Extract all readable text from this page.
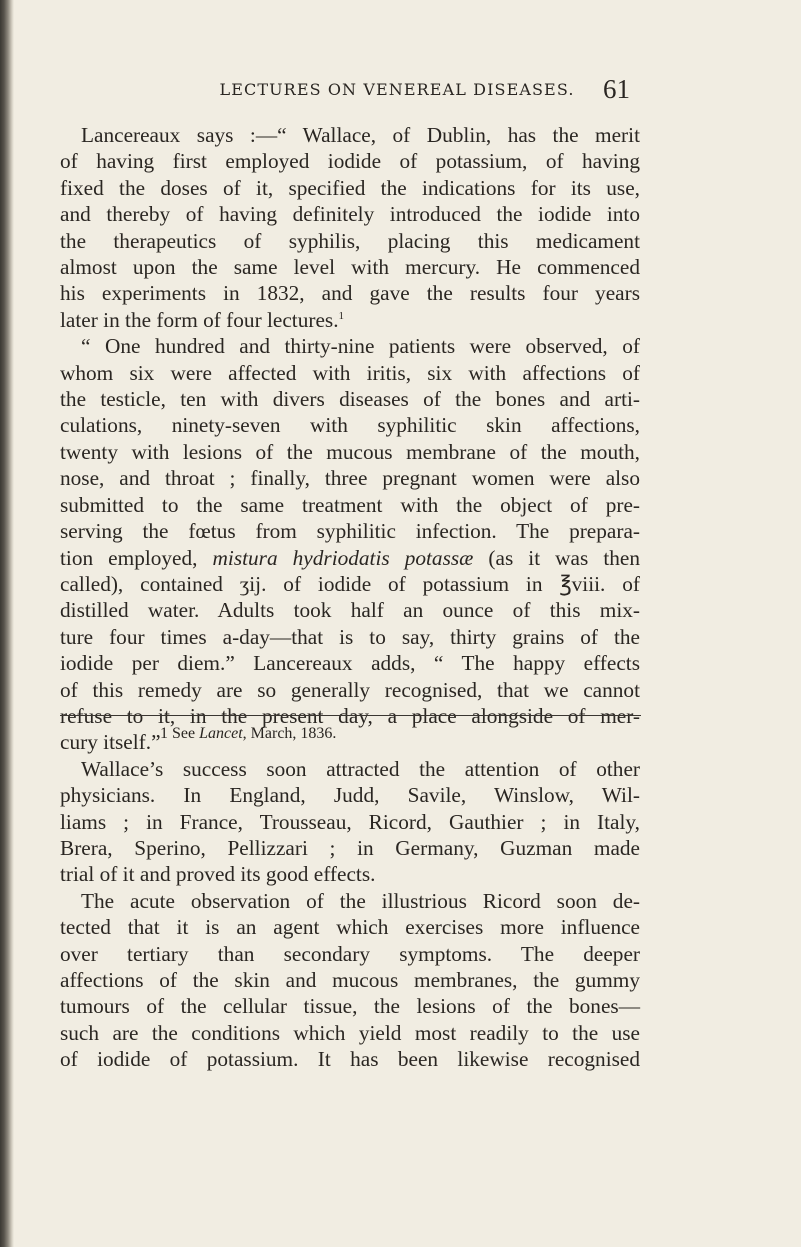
LECTURES ON VENEREAL DISEASES.	61

Lancereaux says :—“ Wallace, of Dublin, has the merit
of having first employed iodide of potassium, of having
fixed the doses of it, specified the indications for its use,
and thereby of having definitely introduced the iodide into
the therapeutics of syphilis, placing this medicament
almost upon the same level with mercury. He commenced
his experiments in 1832, and gave the results four years
later in the form of four lectures.$^1$

“ One hundred and thirty-nine patients were observed, of
whom six were affected with iritis, six with affections of
the testicle, ten with divers diseases of the bones and arti-
culations, ninety-seven with syphilitic skin affections,
twenty with lesions of the mucous membrane of the mouth,
nose, and throat ; finally, three pregnant women were also
submitted to the same treatment with the object of pre-
serving the fœtus from syphilitic infection. The prepara-
tion employed, mistura hydriodatis potassæ (as it was then
called), contained ʒij. of iodide of potassium in ℥viii. of
distilled water. Adults took half an ounce of this mix-
ture four times a-day—that is to say, thirty grains of the
iodide per diem.” Lancereaux adds, “ The happy effects
of this remedy are so generally recognised, that we cannot
refuse to it, in the present day, a place alongside of mer-
cury itself.”

Wallace’s success soon attracted the attention of other
physicians. In England, Judd, Savile, Winslow, Wil-
liams ; in France, Trousseau, Ricord, Gauthier ; in Italy,
Brera, Sperino, Pellizzari ; in Germany, Guzman made
trial of it and proved its good effects.

The acute observation of the illustrious Ricord soon de-
tected that it is an agent which exercises more influence
over tertiary than secondary symptoms. The deeper
affections of the skin and mucous membranes, the gummy
tumours of the cellular tissue, the lesions of the bones—
such are the conditions which yield most readily to the use
of iodide of potassium. It has been likewise recognised

1 See Lancet, March, 1836.
